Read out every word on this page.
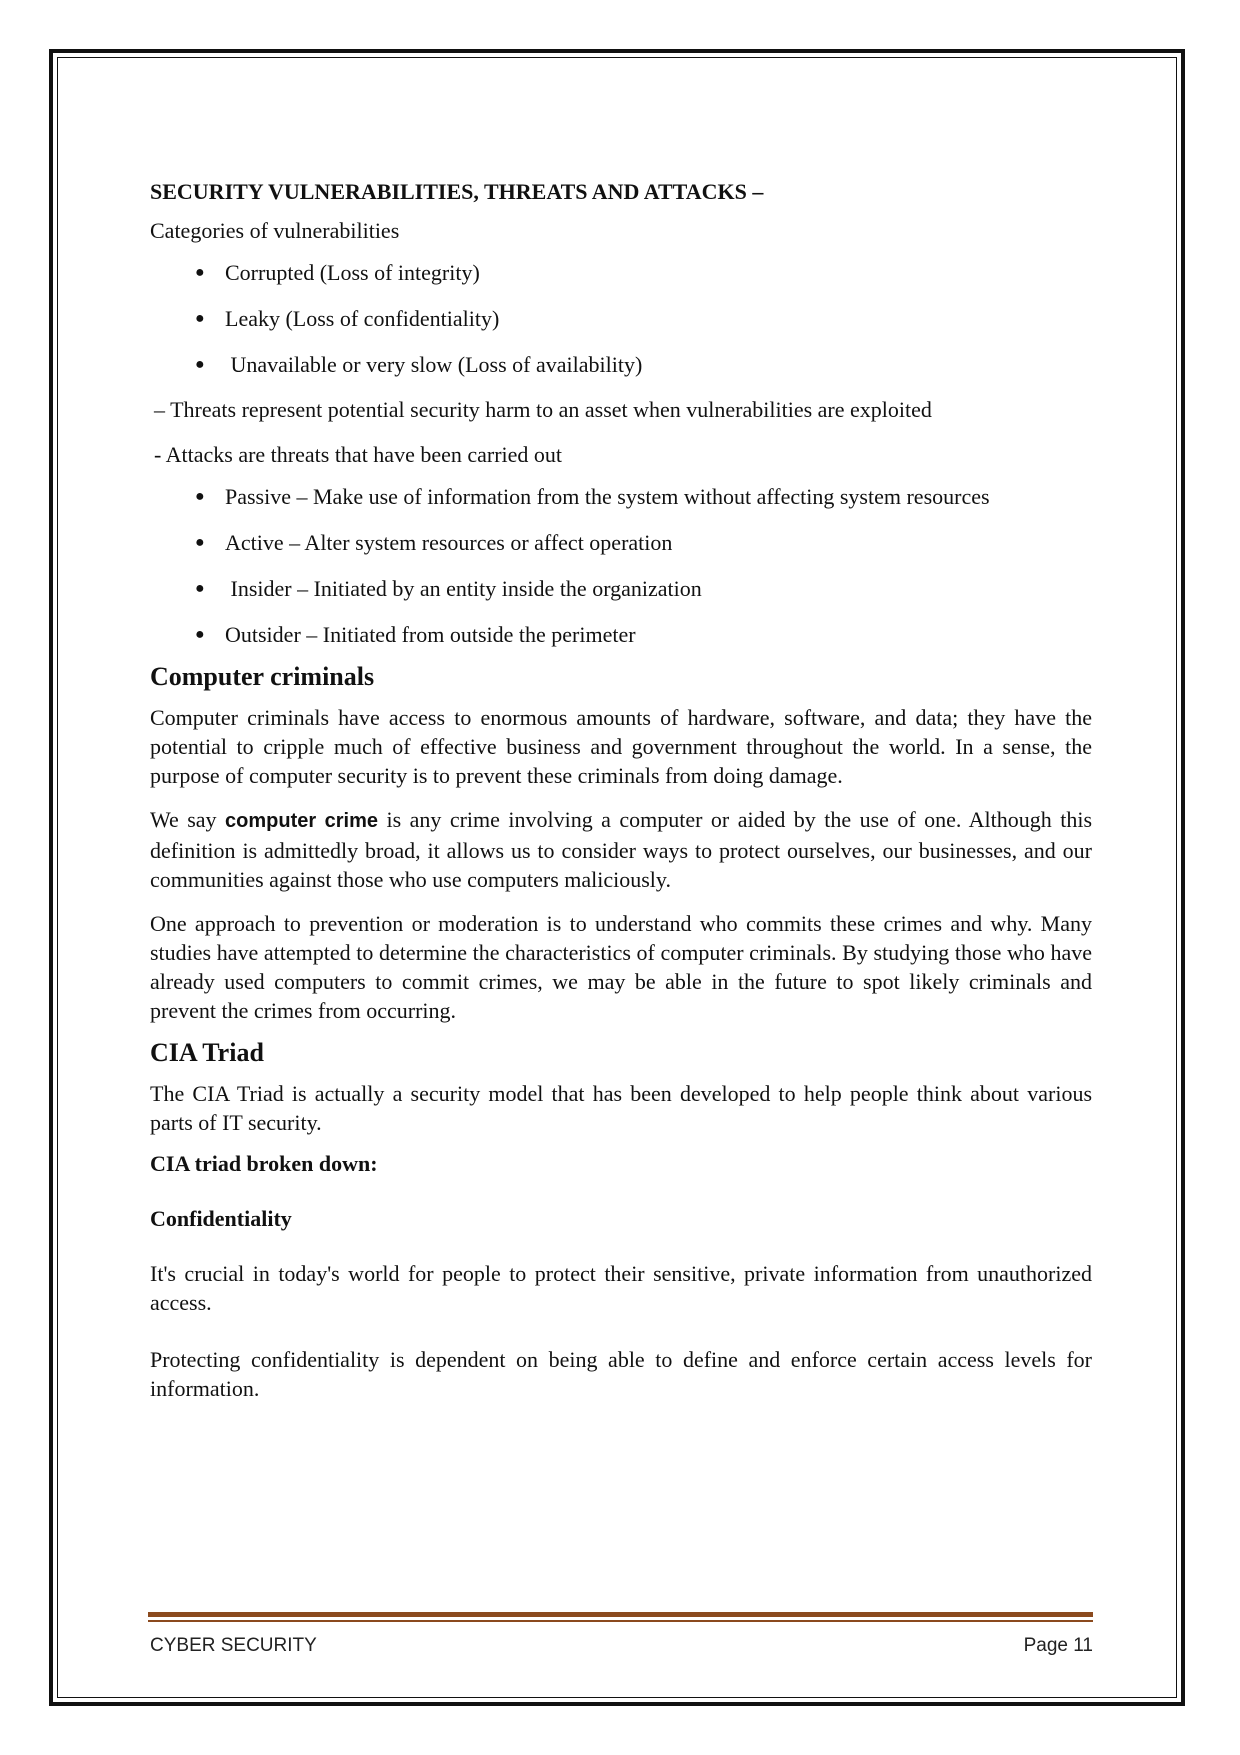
SECURITY VULNERABILITIES, THREATS AND ATTACKS –

Categories of vulnerabilities

● Corrupted (Loss of integrity)
● Leaky (Loss of confidentiality)
● Unavailable or very slow (Loss of availability)

– Threats represent potential security harm to an asset when vulnerabilities are exploited

- Attacks are threats that have been carried out

● Passive – Make use of information from the system without affecting system resources
● Active – Alter system resources or affect operation
● Insider – Initiated by an entity inside the organization
● Outsider – Initiated from outside the perimeter

Computer criminals

Computer criminals have access to enormous amounts of hardware, software, and data; they have the potential to cripple much of effective business and government throughout the world. In a sense, the purpose of computer security is to prevent these criminals from doing damage.

We say computer crime is any crime involving a computer or aided by the use of one. Although this definition is admittedly broad, it allows us to consider ways to protect ourselves, our businesses, and our communities against those who use computers maliciously.

One approach to prevention or moderation is to understand who commits these crimes and why. Many studies have attempted to determine the characteristics of computer criminals. By studying those who have already used computers to commit crimes, we may be able in the future to spot likely criminals and prevent the crimes from occurring.

CIA Triad

The CIA Triad is actually a security model that has been developed to help people think about various parts of IT security.

CIA triad broken down:

Confidentiality

It's crucial in today's world for people to protect their sensitive, private information from unauthorized access.

Protecting confidentiality is dependent on being able to define and enforce certain access levels for information.

CYBER SECURITY	Page 11
